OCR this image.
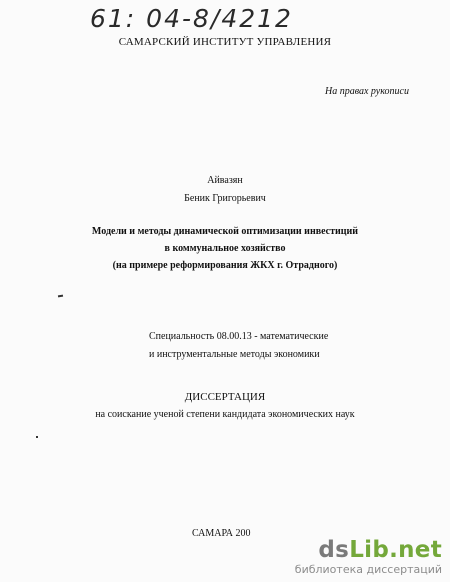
61: 04-8/4212
САМАРСКИЙ ИНСТИТУТ УПРАВЛЕНИЯ
На правах рукописи
Айвазян
Беник Григорьевич
Модели и методы динамической оптимизации инвестиций
в коммунальное хозяйство
(на примере реформирования ЖКХ г. Отрадного)
Специальность 08.00.13 - математические
и инструментальные методы экономики
ДИССЕРТАЦИЯ
на соискание ученой степени кандидата экономических наук
САМАРА 200
dsLib.net
библиотека диссертаций
